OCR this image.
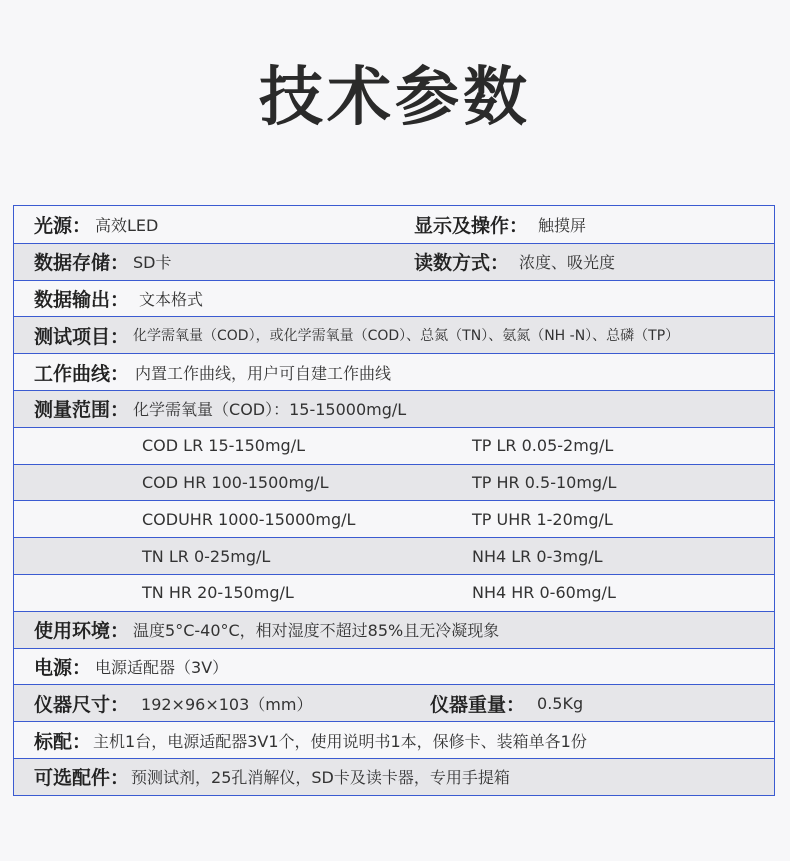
技术参数
光源： 高效LED	显示及操作： 触摸屏
数据存储： SD卡	读数方式： 浓度、吸光度
数据输出： 文本格式
测试项目： 化学需氧量（COD），或化学需氧量（COD）、总氮（TN）、氨氮（NH -N）、总磷（TP）
工作曲线： 内置工作曲线，用户可自建工作曲线
测量范围： 化学需氧量（COD）：15-15000mg/L
COD LR 15-150mg/L	TP LR 0.05-2mg/L
COD HR 100-1500mg/L	TP HR 0.5-10mg/L
CODUHR 1000-15000mg/L	TP UHR 1-20mg/L
TN LR 0-25mg/L	NH4 LR 0-3mg/L
TN HR 20-150mg/L	NH4 HR 0-60mg/L
使用环境： 温度5°C-40°C，相对湿度不超过85%且无冷凝现象
电源： 电源适配器（3V）
仪器尺寸： 192×96×103（mm）	仪器重量： 0.5Kg
标配： 主机1台，电源适配器3V1个，使用说明书1本，保修卡、装箱单各1份
可选配件： 预测试剂，25孔消解仪，SD卡及读卡器，专用手提箱
